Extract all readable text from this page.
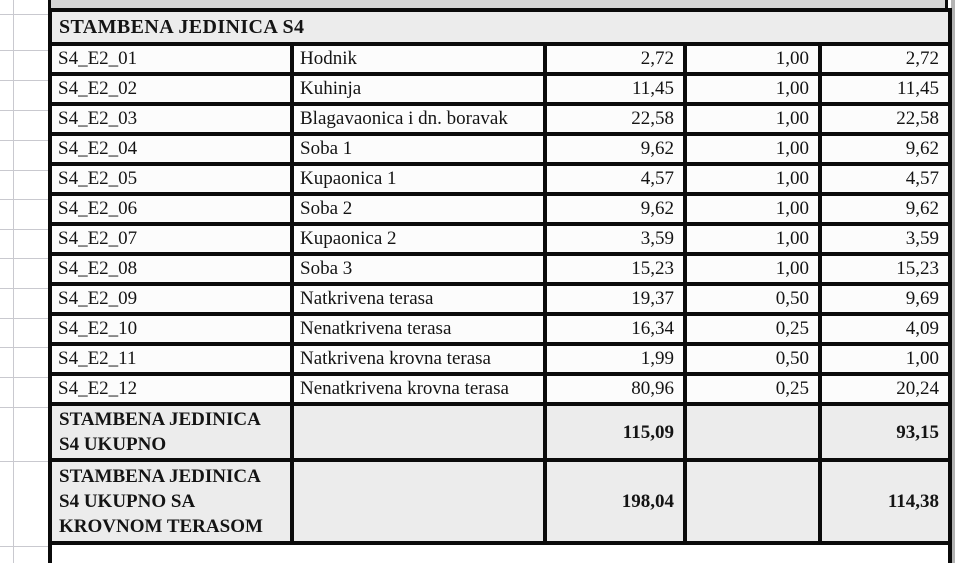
STAMBENA JEDINICA S4				
S4_E2_01	Hodnik	2,72	1,00	2,72
S4_E2_02	Kuhinja	11,45	1,00	11,45
S4_E2_03	Blagavaonica i dn. boravak	22,58	1,00	22,58
S4_E2_04	Soba 1	9,62	1,00	9,62
S4_E2_05	Kupaonica 1	4,57	1,00	4,57
S4_E2_06	Soba 2	9,62	1,00	9,62
S4_E2_07	Kupaonica 2	3,59	1,00	3,59
S4_E2_08	Soba 3	15,23	1,00	15,23
S4_E2_09	Natkrivena terasa	19,37	0,50	9,69
S4_E2_10	Nenatkrivena terasa	16,34	0,25	4,09
S4_E2_11	Natkrivena krovna terasa	1,99	0,50	1,00
S4_E2_12	Nenatkrivena krovna terasa	80,96	0,25	20,24
STAMBENA JEDINICA S4 UKUPNO		115,09		93,15
STAMBENA JEDINICA S4 UKUPNO SA KROVNOM TERASOM		198,04		114,38
